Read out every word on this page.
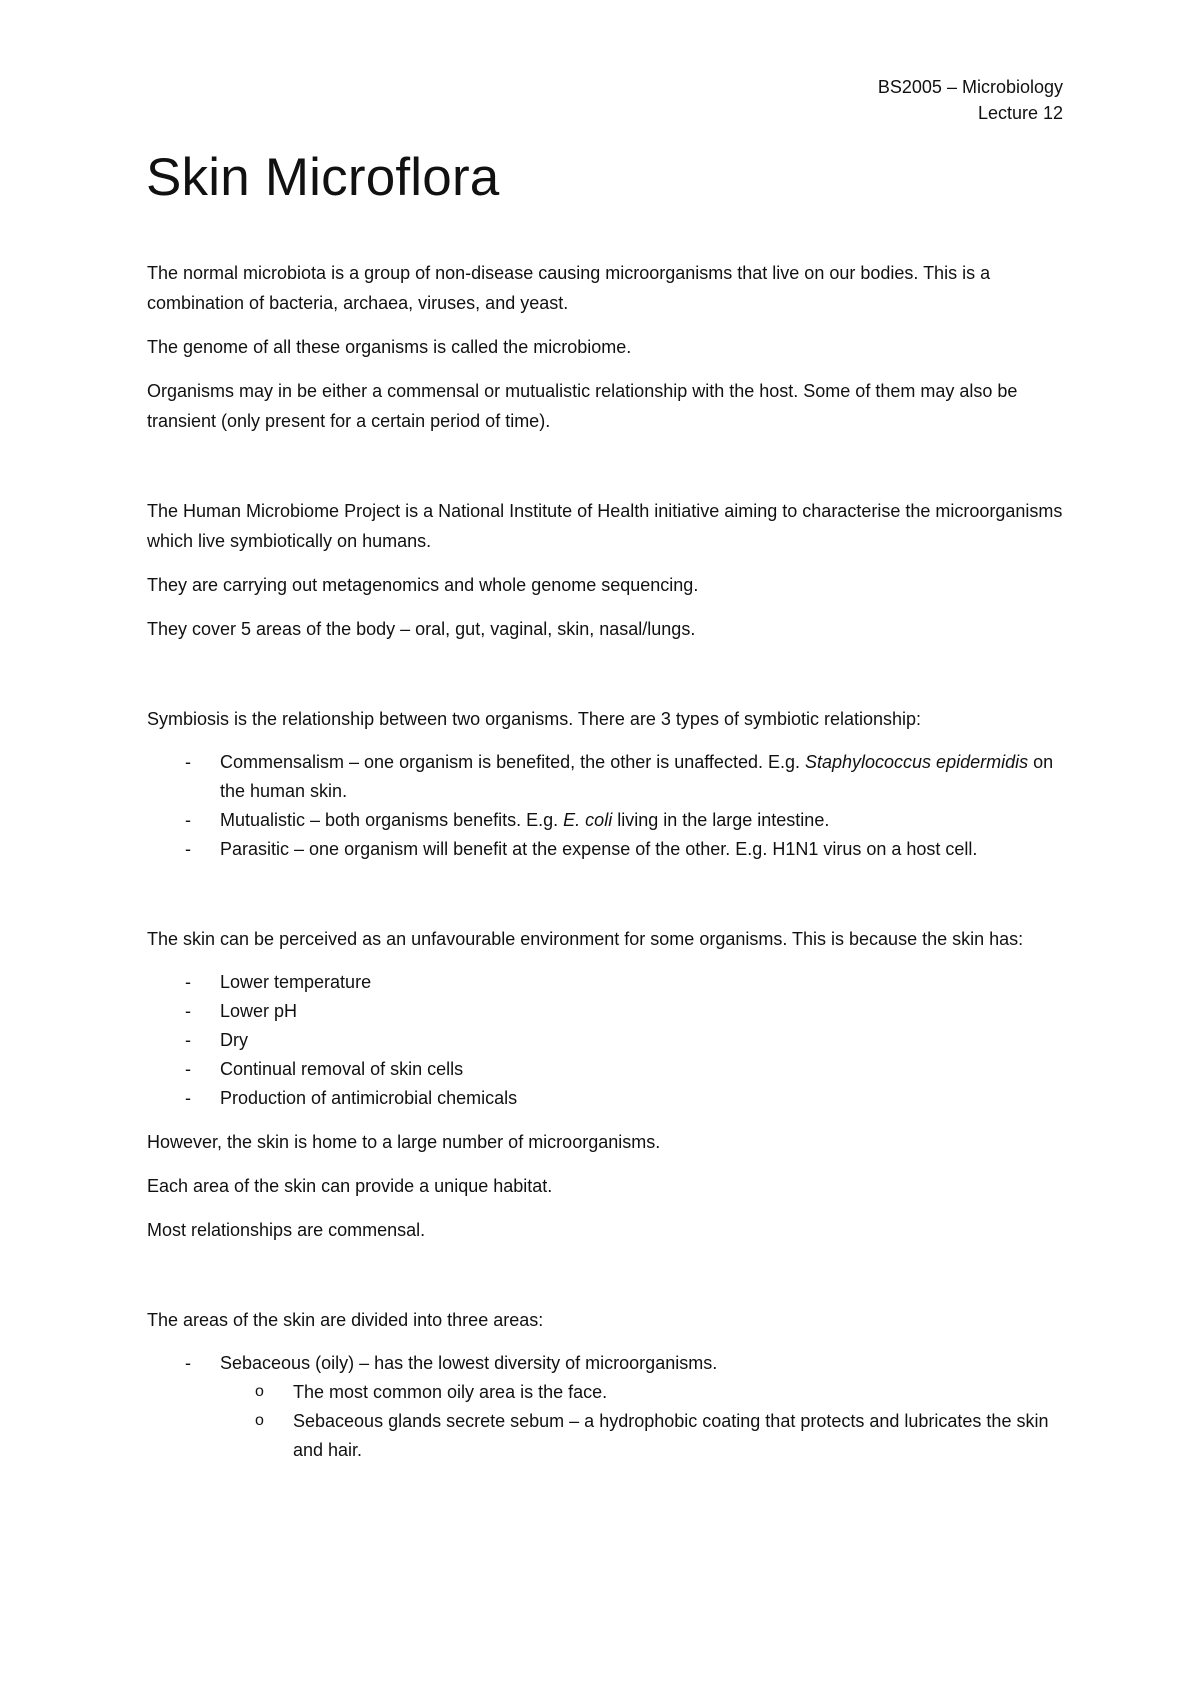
BS2005 – Microbiology
Lecture 12
Skin Microflora

The normal microbiota is a group of non-disease causing microorganisms that live on our bodies. This is a combination of bacteria, archaea, viruses, and yeast.

The genome of all these organisms is called the microbiome.

Organisms may in be either a commensal or mutualistic relationship with the host. Some of them may also be transient (only present for a certain period of time).

The Human Microbiome Project is a National Institute of Health initiative aiming to characterise the microorganisms which live symbiotically on humans.

They are carrying out metagenomics and whole genome sequencing.

They cover 5 areas of the body – oral, gut, vaginal, skin, nasal/lungs.

Symbiosis is the relationship between two organisms. There are 3 types of symbiotic relationship:

- Commensalism – one organism is benefited, the other is unaffected. E.g. Staphylococcus epidermidis on the human skin.
- Mutualistic – both organisms benefits. E.g. E. coli living in the large intestine.
- Parasitic – one organism will benefit at the expense of the other. E.g. H1N1 virus on a host cell.

The skin can be perceived as an unfavourable environment for some organisms. This is because the skin has:

- Lower temperature
- Lower pH
- Dry
- Continual removal of skin cells
- Production of antimicrobial chemicals

However, the skin is home to a large number of microorganisms.

Each area of the skin can provide a unique habitat.

Most relationships are commensal.

The areas of the skin are divided into three areas:

- Sebaceous (oily) – has the lowest diversity of microorganisms.
o The most common oily area is the face.
o Sebaceous glands secrete sebum – a hydrophobic coating that protects and lubricates the skin and hair.
